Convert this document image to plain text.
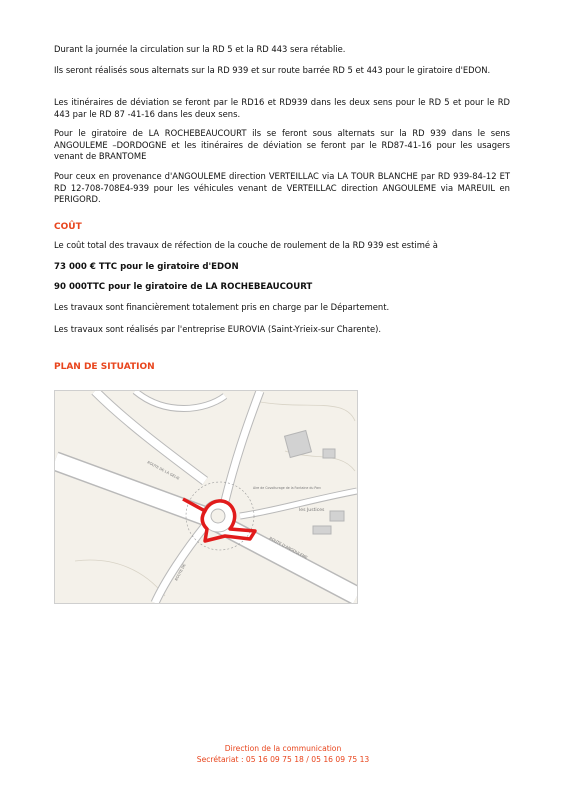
Durant la journée la circulation sur la RD 5 et la RD 443 sera rétablie.

Ils seront réalisés sous alternats sur la RD 939 et sur route barrée RD 5 et 443 pour le giratoire d'EDON.

Les itinéraires de déviation se feront par le RD16 et RD939 dans les deux sens pour le RD 5 et pour le RD 443 par le RD 87 -41-16 dans les deux sens.

Pour le giratoire de LA ROCHEBEAUCOURT ils se feront sous alternats sur la RD 939 dans le sens ANGOULEME –DORDOGNE et les itinéraires de déviation se feront par le RD87-41-16 pour les usagers venant de BRANTOME

Pour ceux en provenance d'ANGOULEME direction VERTEILLAC via LA TOUR BLANCHE par RD 939-84-12 ET RD 12-708-708E4-939 pour les véhicules venant de VERTEILLAC direction ANGOULEME via MAREUIL en PERIGORD.

COÛT

Le coût total des travaux de réfection de la couche de roulement de la RD 939 est estimé à

73 000 € TTC pour le giratoire d'EDON

90 000TTC pour le giratoire de LA ROCHEBEAUCOURT

Les travaux sont financièrement totalement pris en charge par le Département.

Les travaux sont réalisés par l'entreprise EUROVIA (Saint-Yrieix-sur Charente).

PLAN DE SITUATION
ROUTE DE LA GELIE
Aire de Covoiturage de la Fontaine du Parc
les Justices
ROUTE D'ANGOULEME
ROUTE DE
Direction de la communication
Secrétariat : 05 16 09 75 18 / 05 16 09 75 13
